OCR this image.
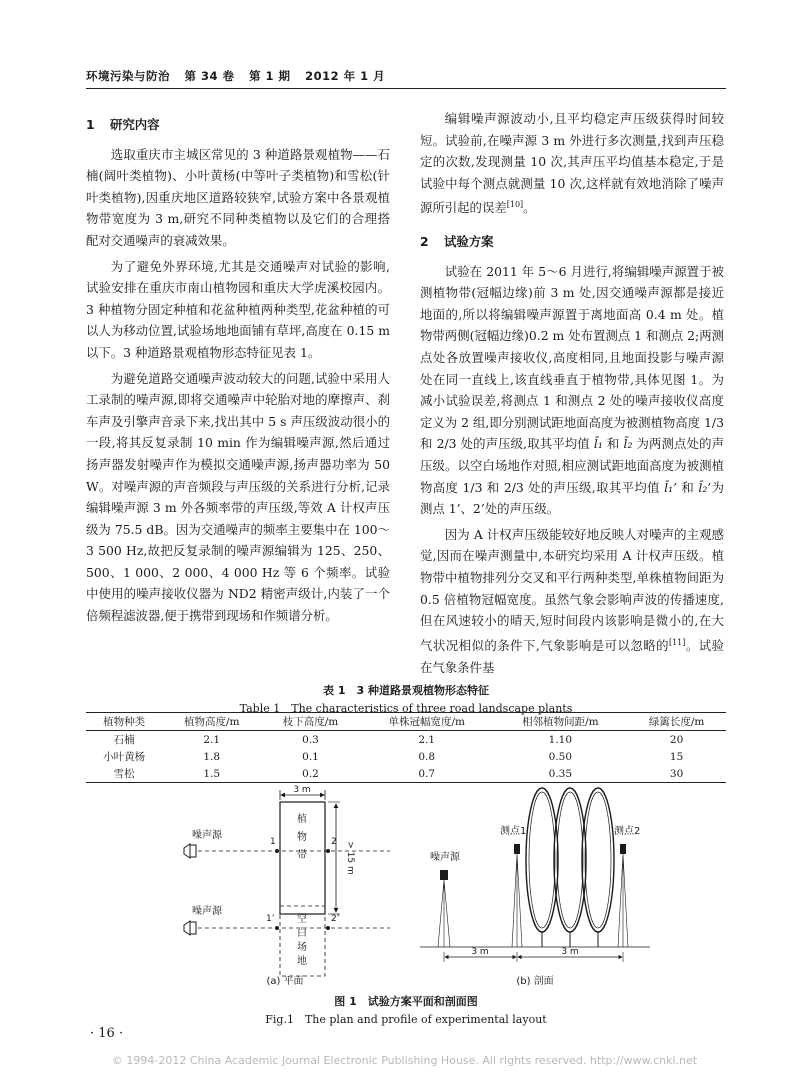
环境污染与防治 第 34 卷 第 1 期 2012 年 1 月
1 研究内容

选取重庆市主城区常见的 3 种道路景观植物——石楠(阔叶类植物)、小叶黄杨(中等叶子类植物)和雪松(针叶类植物),因重庆地区道路较狭窄,试验方案中各景观植物带宽度为 3 m,研究不同种类植物以及它们的合理搭配对交通噪声的衰减效果。

为了避免外界环境,尤其是交通噪声对试验的影响,试验安排在重庆市南山植物园和重庆大学虎溪校园内。3 种植物分固定种植和花盆种植两种类型,花盆种植的可以人为移动位置,试验场地地面铺有草坪,高度在 0.15 m 以下。3 种道路景观植物形态特征见表 1。

为避免道路交通噪声波动较大的问题,试验中采用人工录制的噪声源,即将交通噪声中轮胎对地的摩擦声、刹车声及引擎声音录下来,找出其中 5 s 声压级波动很小的一段,将其反复录制 10 min 作为编辑噪声源,然后通过扬声器发射噪声作为模拟交通噪声源,扬声器功率为 50 W。对噪声源的声音频段与声压级的关系进行分析,记录编辑噪声源 3 m 外各频率带的声压级,等效 A 计权声压级为 75.5 dB。因为交通噪声的频率主要集中在 100～3 500 Hz,故把反复录制的噪声源编辑为 125、250、500、1 000、2 000、4 000 Hz 等 6 个频率。试验中使用的噪声接收仪器为 ND2 精密声级计,内装了一个倍频程滤波器,便于携带到现场和作频谱分析。

编辑噪声源波动小,且平均稳定声压级获得时间较短。试验前,在噪声源 3 m 外进行多次测量,找到声压稳定的次数,发现测量 10 次,其声压平均值基本稳定,于是试验中每个测点就测量 10 次,这样就有效地消除了噪声源所引起的误差[10]。

2 试验方案

试验在 2011 年 5～6 月进行,将编辑噪声源置于被测植物带(冠幅边缘)前 3 m 处,因交通噪声源都是接近地面的,所以将编辑噪声源置于离地面高 0.4 m 处。植物带两侧(冠幅边缘)0.2 m 处布置测点 1 和测点 2;两测点处各放置噪声接收仪,高度相同,且地面投影与噪声源处在同一直线上,该直线垂直于植物带,具体见图 1。为减小试验误差,将测点 1 和测点 2 处的噪声接收仪高度定义为 2 组,即分别测试距地面高度为被测植物高度 1/3 和 2/3 处的声压级,取其平均值 l̄₁ 和 l̄₂ 为两测点处的声压级。以空白场地作对照,相应测试距地面高度为被测植物高度 1/3 和 2/3 处的声压级,取其平均值 l̄₁’ 和 l̄₂’为测点 1’、2’处的声压级。

因为 A 计权声压级能较好地反映人对噪声的主观感觉,因而在噪声测量中,本研究均采用 A 计权声压级。植物带中植物排列分交叉和平行两种类型,单株植物间距为 0.5 倍植物冠幅宽度。虽然气象会影响声波的传播速度,但在风速较小的晴天,短时间段内该影响是微小的,在大气状况相似的条件下,气象影响是可以忽略的[11]。试验在气象条件基

表 1　3 种道路景观植物形态特征
Table 1　The characteristics of three road landscape plants
植物种类	植物高度/m	枝下高度/m	单株冠幅宽度/m	相邻植物间距/m	绿篱长度/m
石楠	2.1	0.3	2.1	1.10	20
小叶黄杨	1.8	0.1	0.8	0.50	15
雪松	1.5	0.2	0.7	0.35	30
3 m
植物带	> 15 m
噪声源
1	2
空白场地
噪声源
1’	2’
(a) 平面
测点1	测点2
噪声源
3 m	3 m
(b) 剖面
图 1　试验方案平面和剖面图
Fig.1　The plan and profile of experimental layout
· 16 ·
© 1994-2012 China Academic Journal Electronic Publishing House. All rights reserved. http://www.cnki.net
